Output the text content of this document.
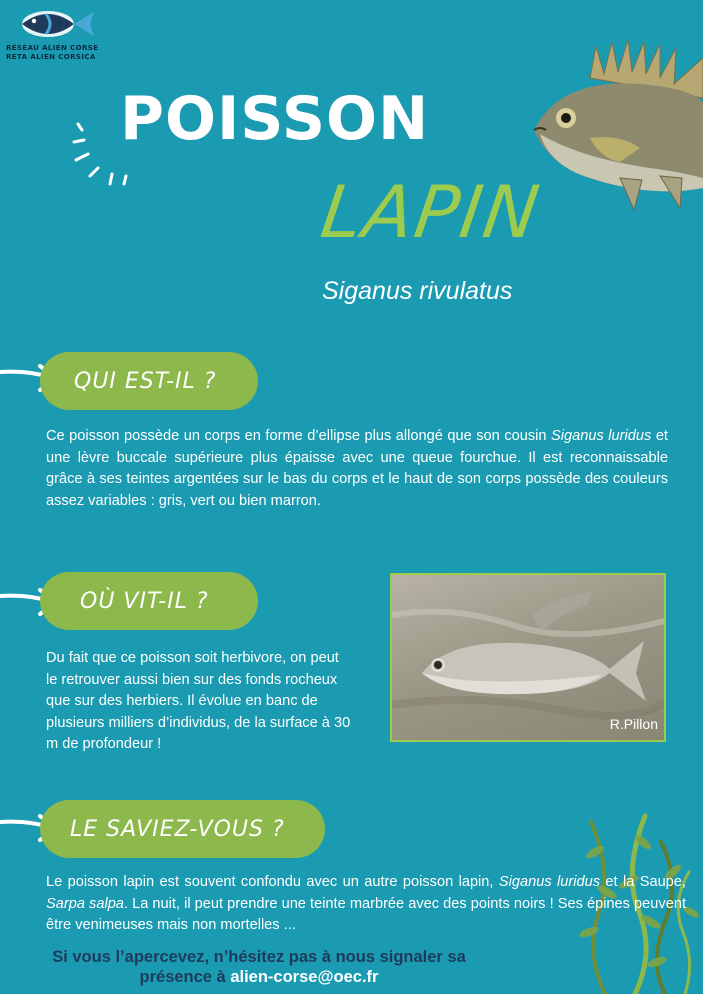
RÉSEAU ALIEN CORSE
RETA ALIEN CORSICA
POISSON
LAPIN
Siganus rivulatus
QUI EST-IL ?
Ce poisson possède un corps en forme d’ellipse plus allongé que son cousin Siganus luridus et une lèvre buccale supérieure plus épaisse avec une queue fourchue. Il est reconnaissable grâce à ses teintes argentées sur le bas du corps et le haut de son corps possède des couleurs assez variables : gris, vert ou bien marron.
OÙ VIT-IL ?
Du fait que ce poisson soit herbivore, on peut le retrouver aussi bien sur des fonds rocheux que sur des herbiers. Il évolue en banc de plusieurs milliers d’individus, de la surface à 30 m de profondeur !
R.Pillon
LE SAVIEZ-VOUS ?
Le poisson lapin est souvent confondu avec un autre poisson lapin, Siganus luridus et la Saupe, Sarpa salpa. La nuit, il peut prendre une teinte marbrée avec des points noirs ! Ses épines peuvent être venimeuses mais non mortelles ...
Si vous l’apercevez, n’hésitez pas à nous signaler sa
présence à alien-corse@oec.fr
